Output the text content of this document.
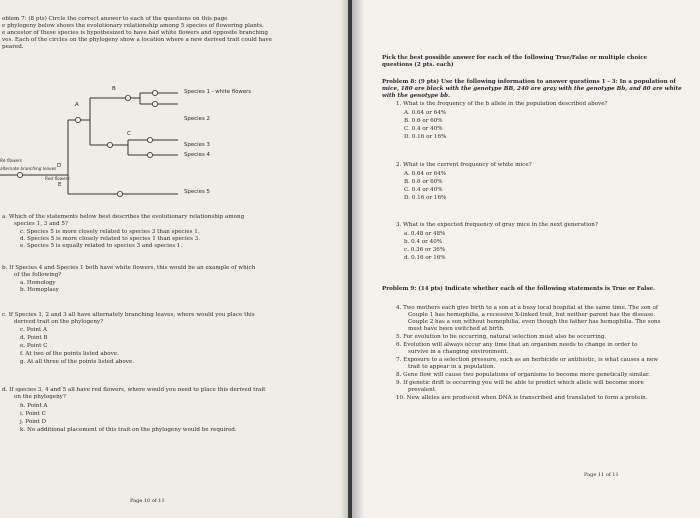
oblem 7: (8 pts) Circle the correct answer to each of the questions on this page
e phylogeny below shows the evolutionary relationship among 5 species of flowering plants.
e ancestor of these species is hypothesized to have had white flowers and opposite branching
ves. Each of the circles on the phylogeny show a location where a new derived trait could have
peared.
B
A
C
D
E
Species 1 - white flowers
Species 2
Species 3
Species 4
Species 5
Re flowers
alternate branching leaves
Red flowers
a. Which of the statements below best describes the evolutionary relationship among
species 1, 3 and 5?
c. Species 5 is more closely related to species 3 than species 1.
d. Species 5 is more closely related to species 1 than species 3.
e. Species 5 is equally related to species 3 and species 1.
b. If Species 4 and Species 1 both have white flowers, this would be an example of which
of the following?
a. Homology
b. Homoplasy
c. If Species 1, 2 and 3 all have alternately branching leaves, where would you place this
derived trait on the phylogeny?
c. Point A
d. Point B
e. Point C
f. At two of the points listed above.
g. At all three of the points listed above.
d. If species 3, 4 and 5 all have red flowers, where would you need to place this derived trait
on the phylogeny?
h. Point A
i. Point C
j. Point D
k. No additional placement of this trait on the phylogeny would be required.
Page 10 of 11
Pick the best possible answer for each of the following True/False or multiple choice
questions (2 pts. each)
Problem 8: (9 pts) Use the following information to answer questions 1 - 3: In a population of
mice, 180 are black with the genotype BB, 240 are gray with the genotype Bb, and 80 are white
with the genotype bb.
1. What is the frequency of the b allele in the population described above?
A. 0.64 or 64%
B. 0.6 or 60%
C. 0.4 or 40%
D. 0.16 or 16%
2. What is the current frequency of white mice?
A. 0.64 or 64%
B. 0.6 or 60%
C. 0.4 or 40%
D. 0.16 or 16%
3. What is the expected frequency of gray mice in the next generation?
a. 0.48 or 48%
b. 0.4 or 40%
c. 0.36 or 36%
d. 0.16 or 16%
Problem 9: (14 pts) Indicate whether each of the following statements is True or False.
4. Two mothers each give birth to a son at a busy local hospital at the same time. The son of
Couple 1 has hemophilia, a recessive X-linked trait, but neither parent has the disease.
Couple 2 has a son without hemophilia, even though the father has hemophilia. The sons
must have been switched at birth.
5. For evolution to be occurring, natural selection must also be occurring.
6. Evolution will always occur any time that an organism needs to change in order to
survive in a changing environment.
7. Exposure to a selection pressure, such as an herbicide or antibiotic, is what causes a new
trait to appear in a population.
8. Gene flow will cause two populations of organisms to become more genetically similar.
9. If genetic drift is occurring you will be able to predict which allele will become more
prevalent.
10. New alleles are produced when DNA is transcribed and translated to form a protein.
Page 11 of 11
